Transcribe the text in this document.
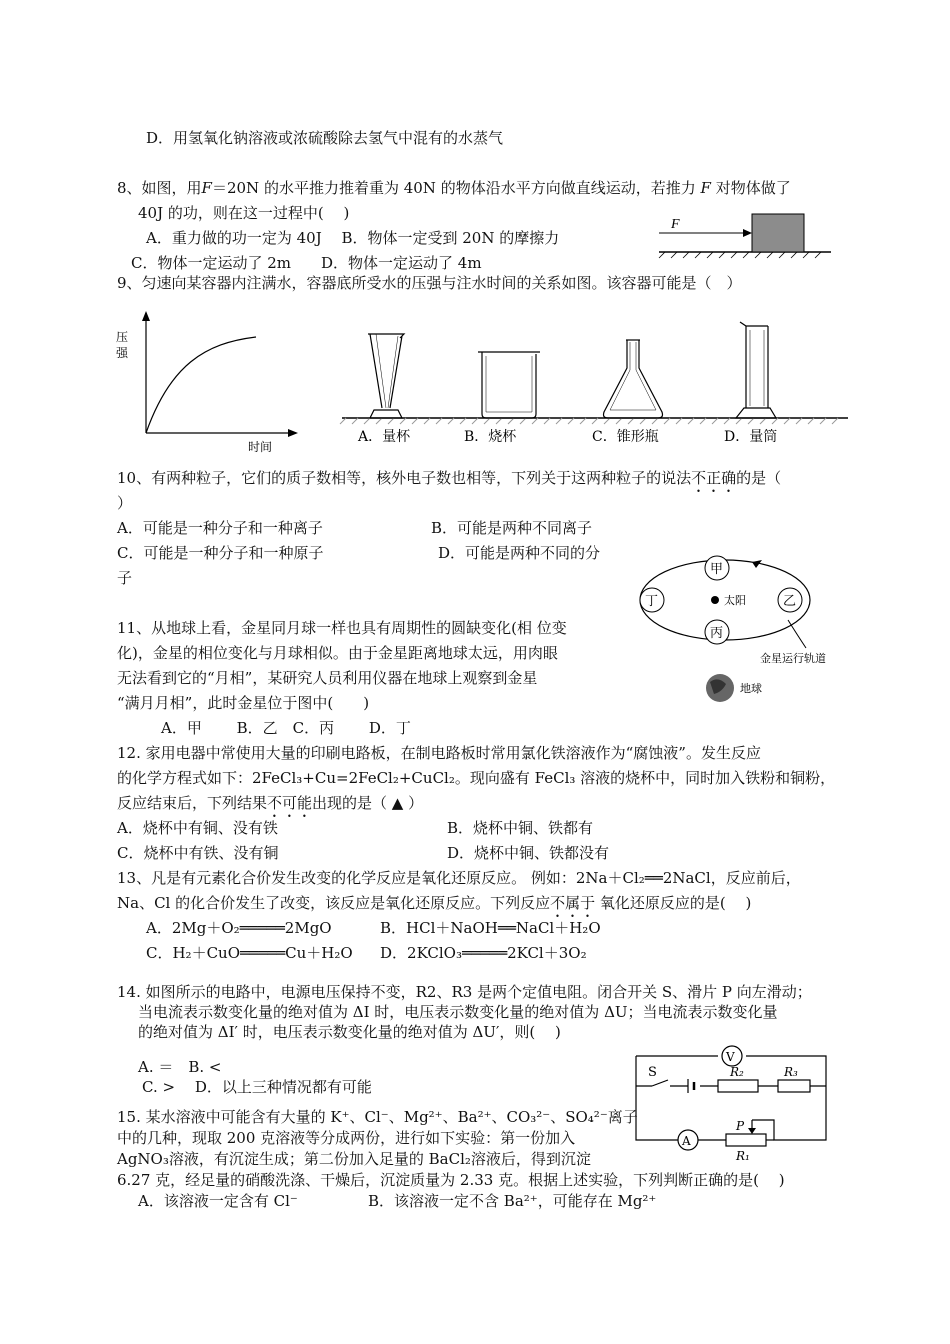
D．用氢氧化钠溶液或浓硫酸除去氢气中混有的水蒸气
8、如图，用F＝20N 的水平推力推着重为 40N 的物体沿水平方向做直线运动，若推力 F 对物体做了
40J 的功，则在这一过程中(　 )
A．重力做的功一定为 40J　 B．物体一定受到 20N 的摩擦力
C．物体一定运动了 2m　　D．物体一定运动了 4m
F
9、匀速向某容器内注满水，容器底所受水的压强与注水时间的关系如图。该容器可能是（　）
压
强
时间
A．量杯	B．烧杯	C．锥形瓶	D．量筒
10、有两种粒子，它们的质子数相等，核外电子数也相等，下列关于这两种粒子的说法不正确的是（
）
A．可能是一种分子和一种离子	B．可能是两种不同离子
C．可能是一种分子和一种原子	D．可能是两种不同的分
子	甲
乙
丙
丁	太阳
金星运行轨道
地球
11、从地球上看，金星同月球一样也具有周期性的圆缺变化(相 位变
化)，金星的相位变化与月球相似。由于金星距离地球太远，用肉眼
无法看到它的“月相”，某研究人员利用仪器在地球上观察到金星
“满月月相”，此时金星位于图中(　　)
A．甲　　 B．乙　C．丙　　 D．丁
12. 家用电器中常使用大量的印刷电路板，在制电路板时常用氯化铁溶液作为“腐蚀液”。发生反应
的化学方程式如下：2FeCl₃+Cu=2FeCl₂+CuCl₂。现向盛有 FeCl₃ 溶液的烧杯中，同时加入铁粉和铜粉，
反应结束后，下列结果不可能出现的是（ ▲ ）
A．烧杯中有铜、没有铁	B．烧杯中铜、铁都有
C．烧杯中有铁、没有铜	D．烧杯中铜、铁都没有
13、凡是有元素化合价发生改变的化学反应是氧化还原反应。 例如：2Na＋Cl₂══2NaCl，反应前后，
Na、Cl 的化合价发生了改变，该反应是氧化还原反应。下列反应不属于 氧化还原反应的是(　 )
A．2Mg＋O₂═════2MgO	B．HCl＋NaOH══NaCl＋H₂O
C．H₂＋CuO═════Cu＋H₂O D．2KClO₃═════2KCl＋3O₂
14. 如图所示的电路中，电源电压保持不变，R2、R3 是两个定值电阻。闭合开关 S、滑片 P 向左滑动；
当电流表示数变化量的绝对值为 ΔI 时，电压表示数变化量的绝对值为 ΔU；当电流表示数变化量
的绝对值为 ΔI′ 时，电压表示数变化量的绝对值为 ΔU′，则(　 )
A. ＝　B. <
C. >　 D．以上三种情况都有可能
V
A
S	R₂	R₃
P
R₁
15. 某水溶液中可能含有大量的 K⁺、Cl⁻、Mg²⁺、Ba²⁺、CO₃²⁻、SO₄²⁻离子
中的几种，现取 200 克溶液等分成两份，进行如下实验：第一份加入
AgNO₃溶液，有沉淀生成；第二份加入足量的 BaCl₂溶液后，得到沉淀
6.27 克，经足量的硝酸洗涤、干燥后，沉淀质量为 2.33 克。根据上述实验，下列判断正确的是(　 )
A．该溶液一定含有 Cl⁻	B．该溶液一定不含 Ba²⁺，可能存在 Mg²⁺
